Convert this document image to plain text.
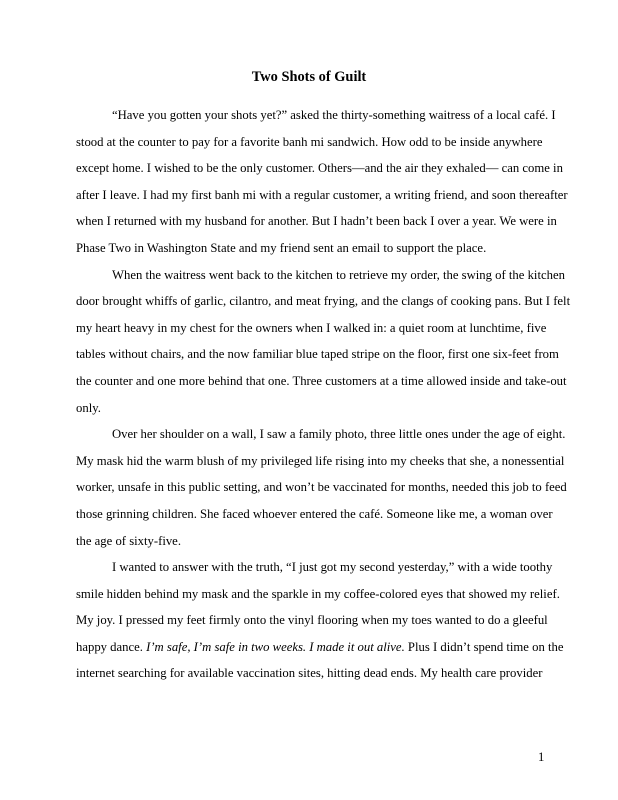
Two Shots of Guilt

“Have you gotten your shots yet?” asked the thirty-something waitress of a local café. I
stood at the counter to pay for a favorite banh mi sandwich. How odd to be inside anywhere
except home. I wished to be the only customer. Others—and the air they exhaled— can come in
after I leave. I had my first banh mi with a regular customer, a writing friend, and soon thereafter
when I returned with my husband for another. But I hadn’t been back I over a year. We were in
Phase Two in Washington State and my friend sent an email to support the place.

When the waitress went back to the kitchen to retrieve my order, the swing of the kitchen
door brought whiffs of garlic, cilantro, and meat frying, and the clangs of cooking pans. But I felt
my heart heavy in my chest for the owners when I walked in: a quiet room at lunchtime, five
tables without chairs, and the now familiar blue taped stripe on the floor, first one six-feet from
the counter and one more behind that one. Three customers at a time allowed inside and take-out
only.

Over her shoulder on a wall, I saw a family photo, three little ones under the age of eight.
My mask hid the warm blush of my privileged life rising into my cheeks that she, a nonessential
worker, unsafe in this public setting, and won’t be vaccinated for months, needed this job to feed
those grinning children. She faced whoever entered the café. Someone like me, a woman over
the age of sixty-five.

I wanted to answer with the truth, “I just got my second yesterday,” with a wide toothy
smile hidden behind my mask and the sparkle in my coffee-colored eyes that showed my relief.
My joy. I pressed my feet firmly onto the vinyl flooring when my toes wanted to do a gleeful
happy dance. I’m safe, I’m safe in two weeks. I made it out alive. Plus I didn’t spend time on the
internet searching for available vaccination sites, hitting dead ends. My health care provider

1
